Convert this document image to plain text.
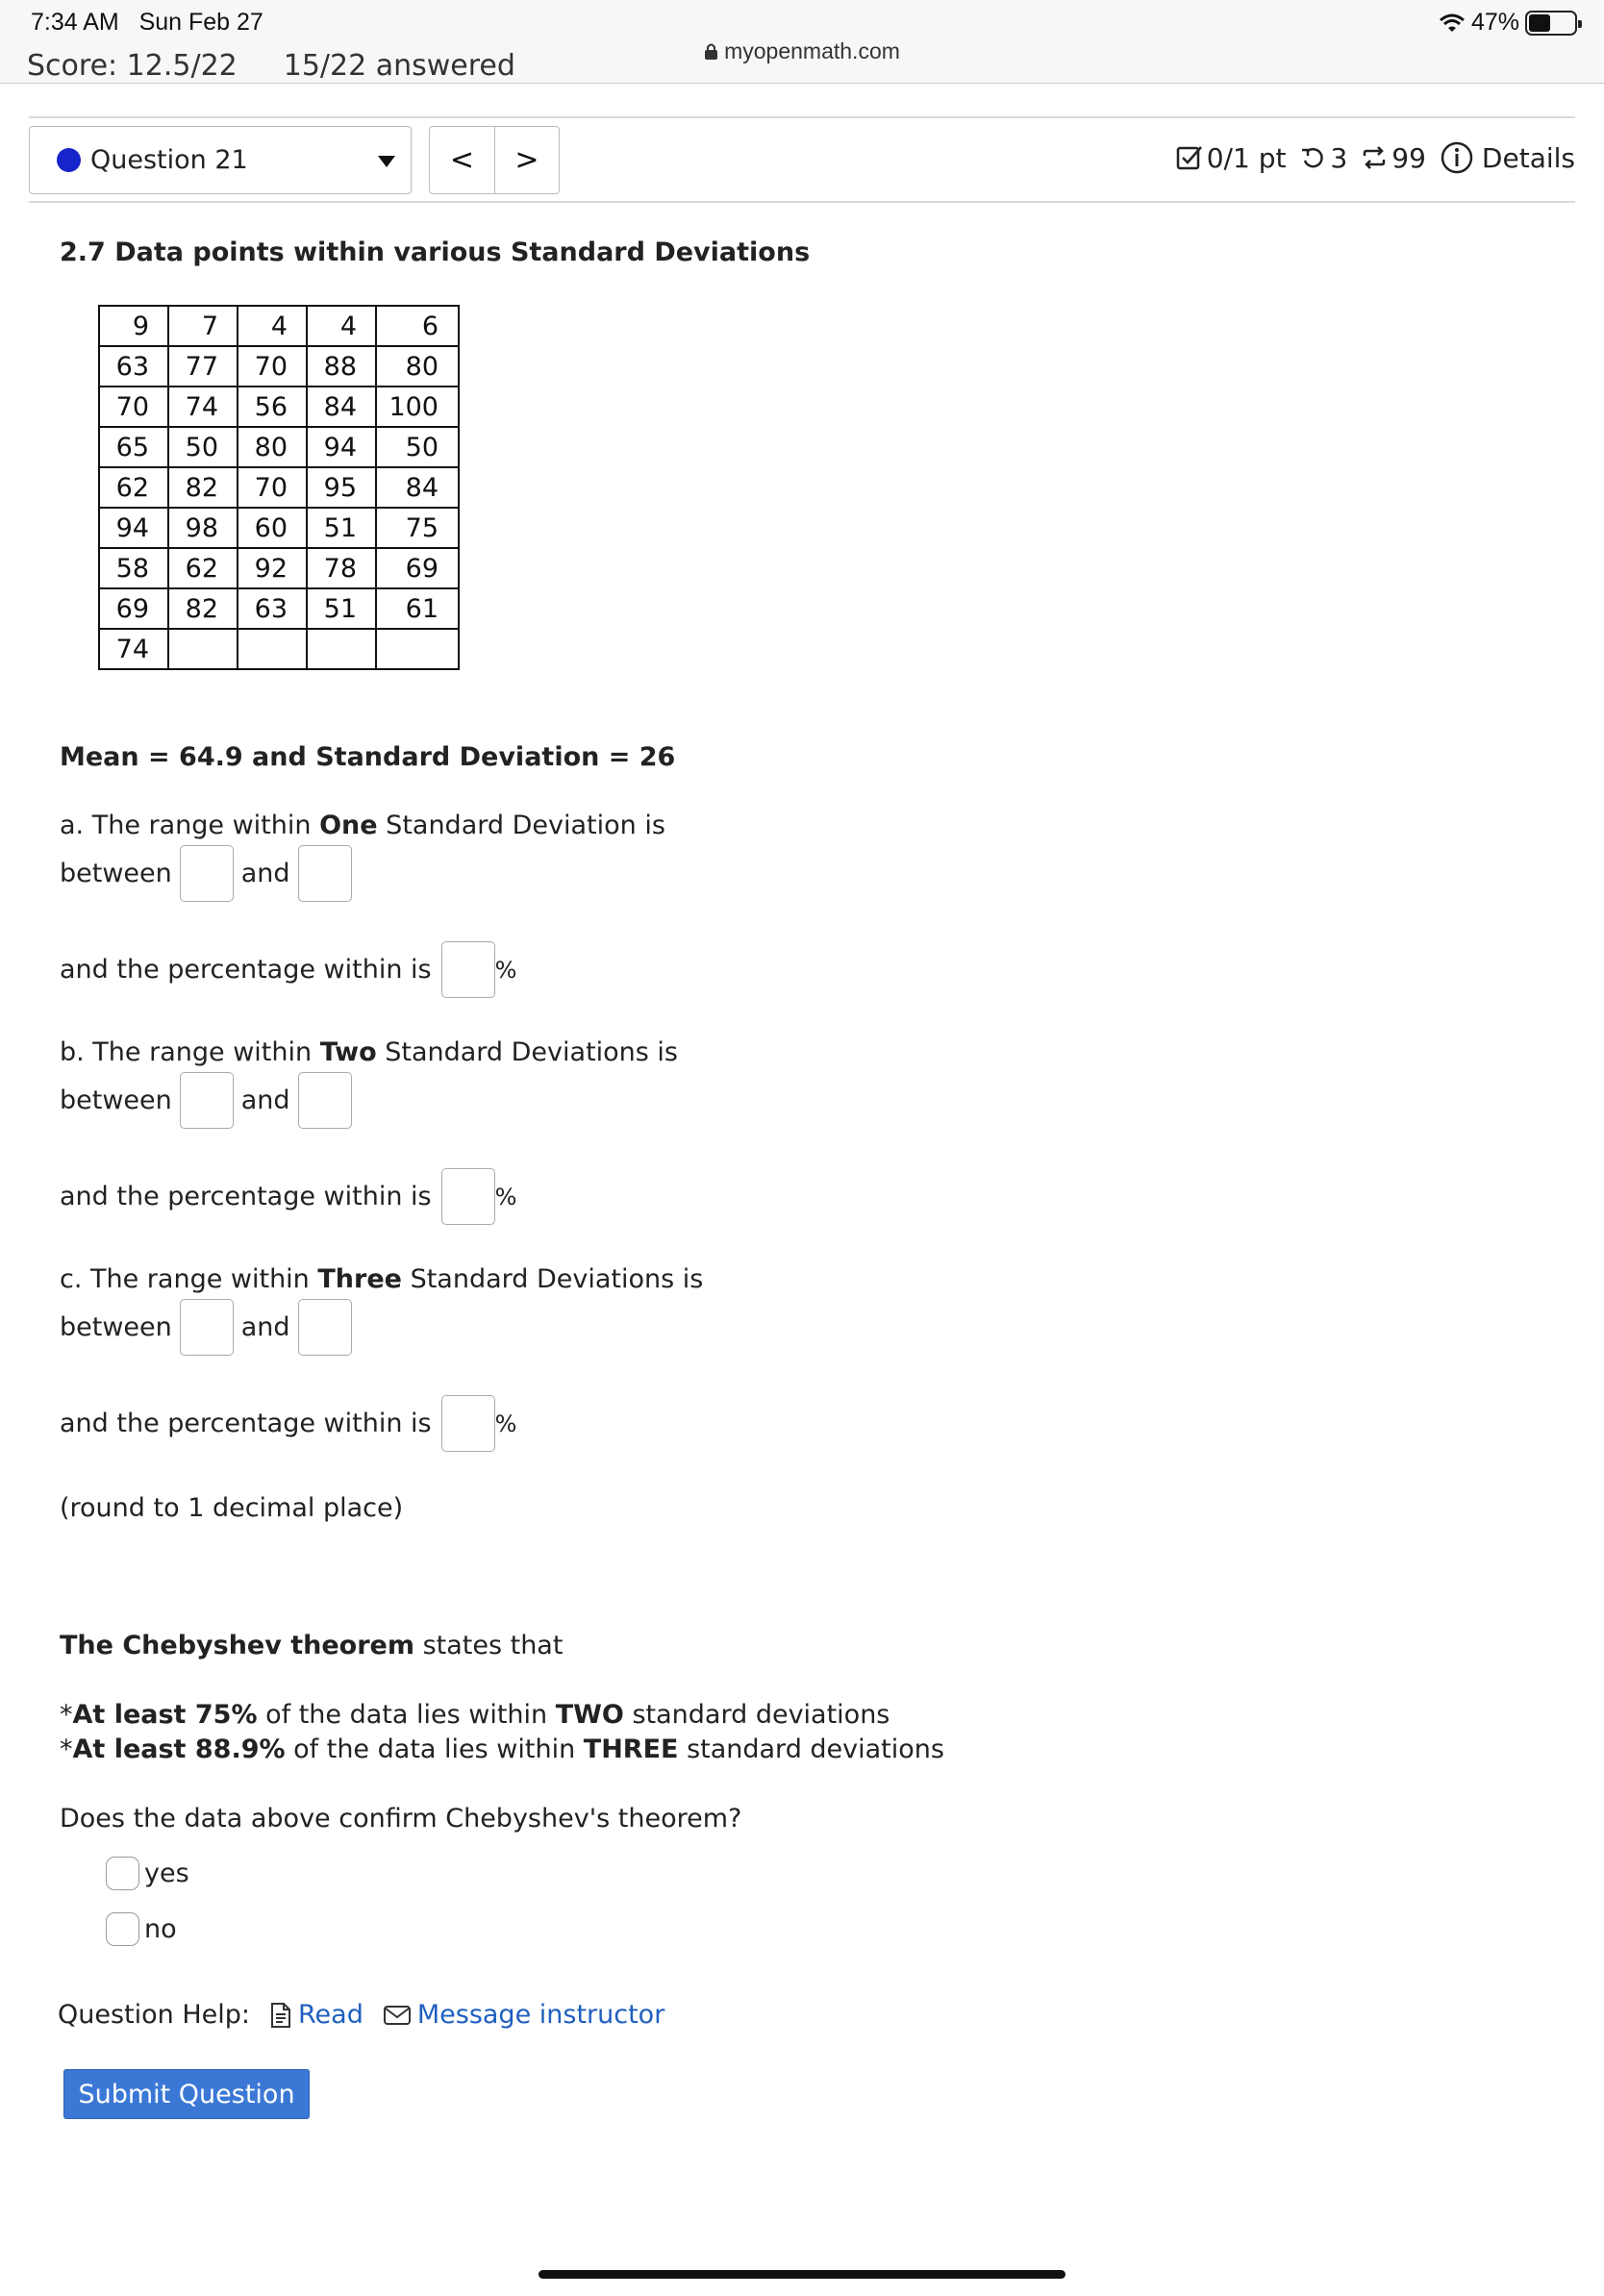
7:34 AM Sun Feb 27	47%
myopenmath.com
Score: 12.5/22 15/22 answered
Question 21	<	>	0/1 pt 3 99 Details
2.7 Data points within various Standard Deviations
9	7	4	4	6
63	77	70	88	80
70	74	56	84	100
65	50	80	94	50
62	82	70	95	84
94	98	60	51	75
58	62	92	78	69
69	82	63	51	61
74				
Mean = 64.9 and Standard Deviation = 26
a. The range within One Standard Deviation is
between	and
and the percentage within is	%
b. The range within Two Standard Deviations is
between	and
and the percentage within is	%
c. The range within Three Standard Deviations is
between	and
and the percentage within is	%
(round to 1 decimal place)
The Chebyshev theorem states that
*At least 75% of the data lies within TWO standard deviations
*At least 88.9% of the data lies within THREE standard deviations
Does the data above confirm Chebyshev's theorem?
yes
no
Question Help: Read Message instructor
Submit Question
